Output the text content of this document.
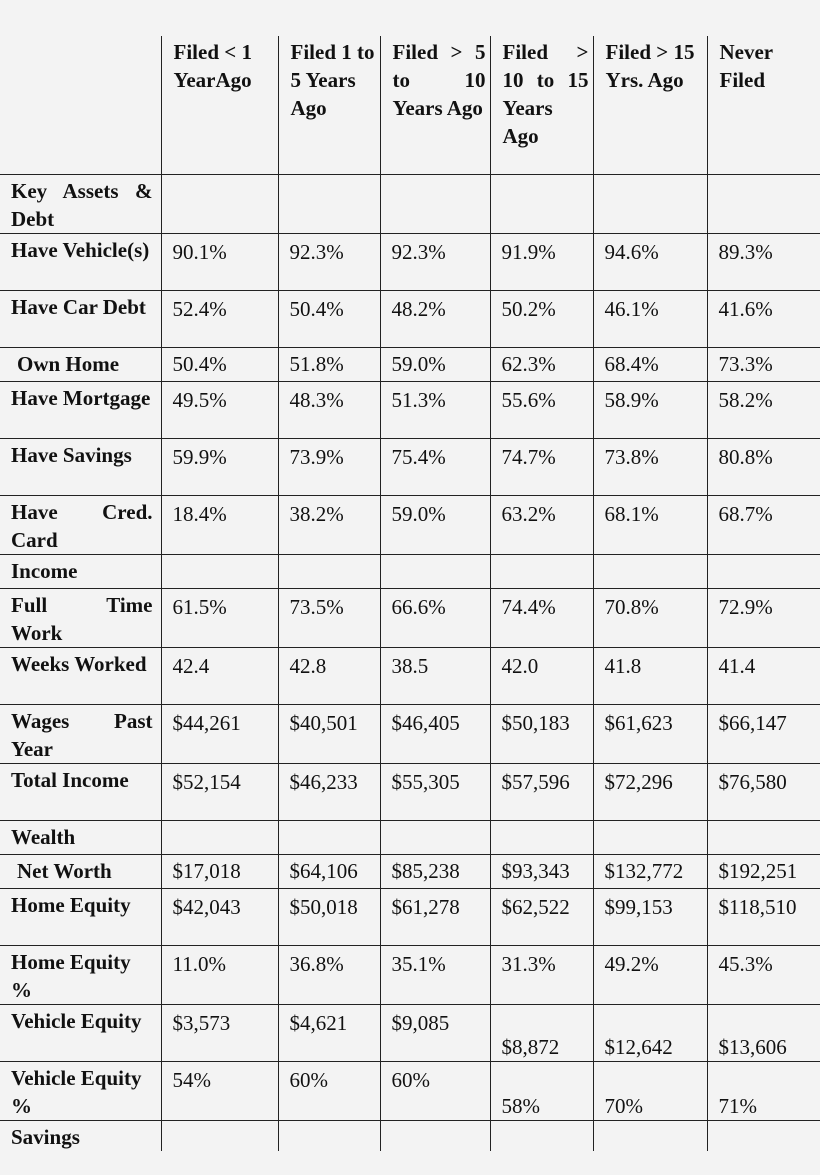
	Filed < 1 YearAgo	Filed 1 to 5 Years Ago	Filed > 5 to 10 Years Ago	Filed > 10 to 15 Years Ago	Filed > 15 Yrs. Ago	Never Filed
Key Assets & Debt						
Have Vehicle(s)	90.1%	92.3%	92.3%	91.9%	94.6%	89.3%
Have Car Debt	52.4%	50.4%	48.2%	50.2%	46.1%	41.6%
Own Home	50.4%	51.8%	59.0%	62.3%	68.4%	73.3%
Have Mortgage	49.5%	48.3%	51.3%	55.6%	58.9%	58.2%
Have Savings	59.9%	73.9%	75.4%	74.7%	73.8%	80.8%
Have Cred. Card	18.4%	38.2%	59.0%	63.2%	68.1%	68.7%
Income						
Full Time Work	61.5%	73.5%	66.6%	74.4%	70.8%	72.9%
Weeks Worked	42.4	42.8	38.5	42.0	41.8	41.4
Wages Past Year	$44,261	$40,501	$46,405	$50,183	$61,623	$66,147
Total Income	$52,154	$46,233	$55,305	$57,596	$72,296	$76,580
Wealth						
Net Worth	$17,018	$64,106	$85,238	$93,343	$132,772	$192,251
Home Equity	$42,043	$50,018	$61,278	$62,522	$99,153	$118,510
Home Equity %	11.0%	36.8%	35.1%	31.3%	49.2%	45.3%
Vehicle Equity	$3,573	$4,621	$9,085	$8,872	$12,642	$13,606
Vehicle Equity %	54%	60%	60%	58%	70%	71%
Savings						
